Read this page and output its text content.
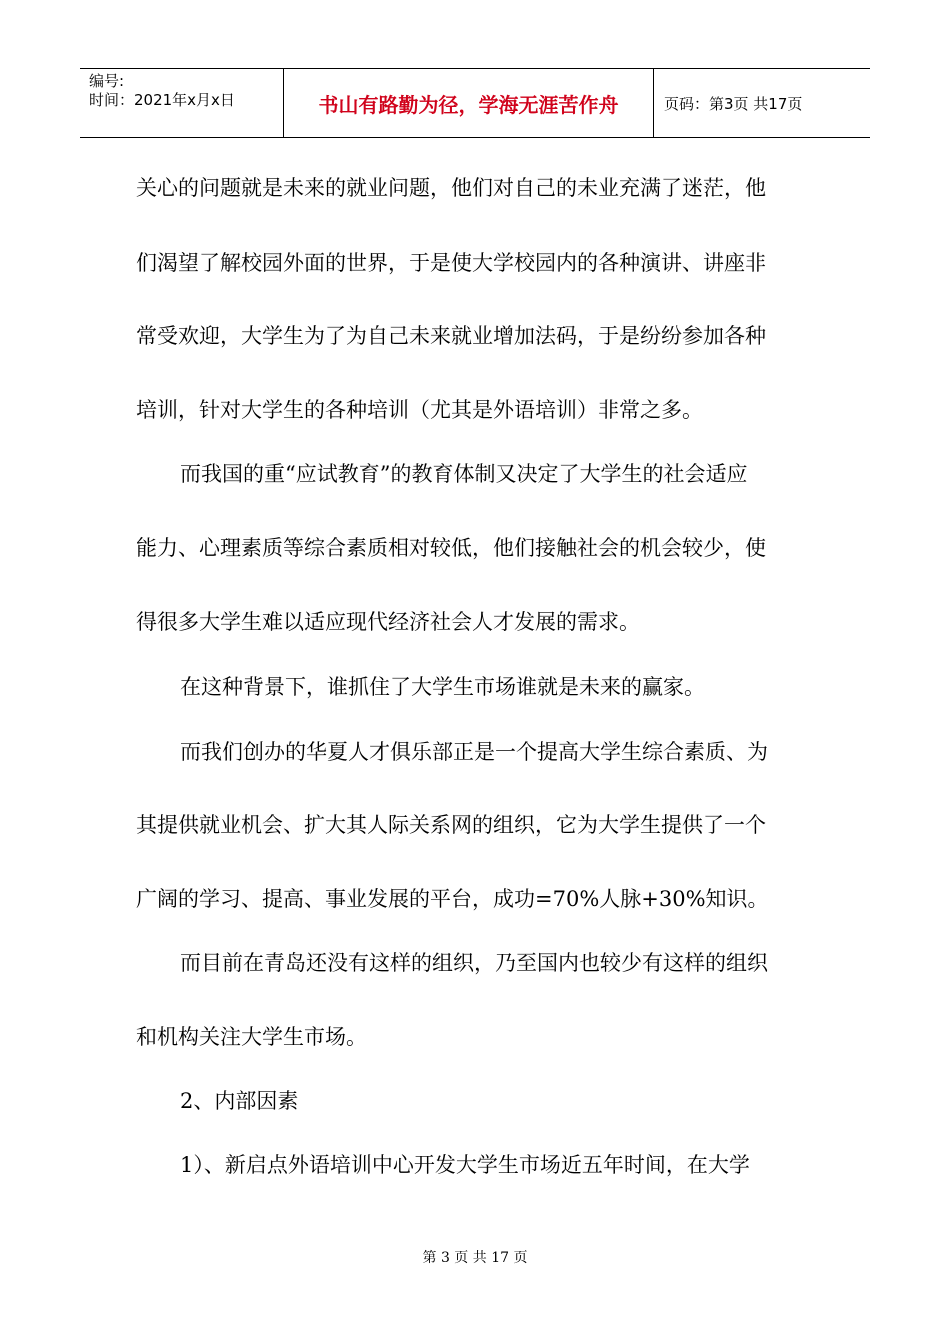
编号:
时间：2021年x月x日	书山有路勤为径，学海无涯苦作舟	页码：第3页 共17页
关心的问题就是未来的就业问题，他们对自己的未业充满了迷茫，他
们渴望了解校园外面的世界，于是使大学校园内的各种演讲、讲座非
常受欢迎，大学生为了为自己未来就业增加法码，于是纷纷参加各种
培训，针对大学生的各种培训（尤其是外语培训）非常之多。
而我国的重“应试教育”的教育体制又决定了大学生的社会适应
能力、心理素质等综合素质相对较低，他们接触社会的机会较少，使
得很多大学生难以适应现代经济社会人才发展的需求。
在这种背景下，谁抓住了大学生市场谁就是未来的赢家。
而我们创办的华夏人才俱乐部正是一个提高大学生综合素质、为
其提供就业机会、扩大其人际关系网的组织，它为大学生提供了一个
广阔的学习、提高、事业发展的平台，成功=70%人脉+30%知识。
而目前在青岛还没有这样的组织，乃至国内也较少有这样的组织
和机构关注大学生市场。
2、内部因素
1）、新启点外语培训中心开发大学生市场近五年时间，在大学
第 3 页 共 17 页
